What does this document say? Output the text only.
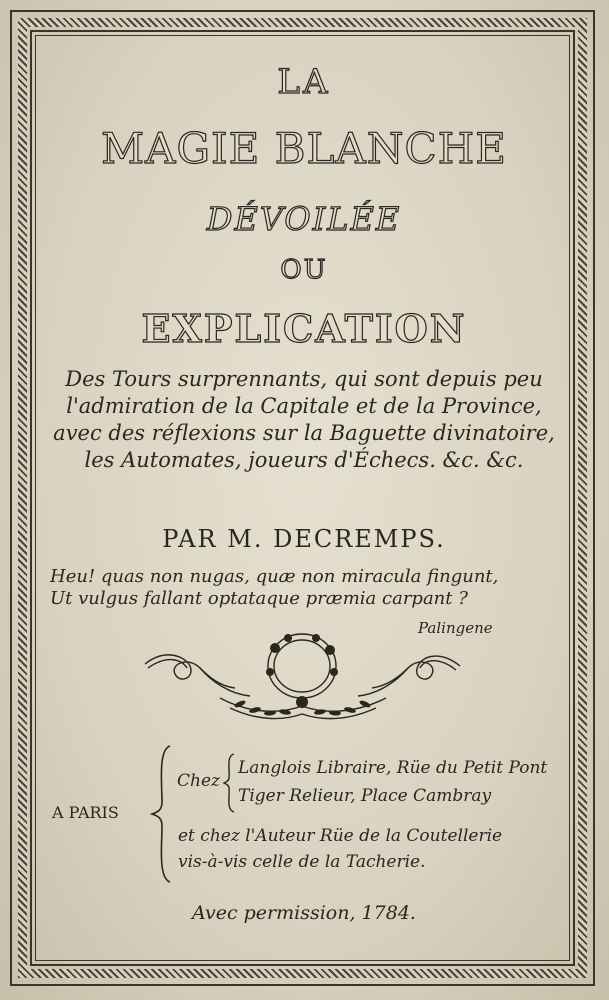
LA
MAGIE BLANCHE
DÉVOILÉE
OU
EXPLICATION
Des Tours surprennants, qui sont depuis peu
l'admiration de la Capitale et de la Province,
avec des réflexions sur la Baguette divinatoire,
les Automates, joueurs d'Échecs. &c. &c.
PAR M. DECREMPS.
Heu! quas non nugas, quæ non miracula fingunt,
Ut vulgus fallant optataque præmia carpant ?
Palingene
A PARIS
Chez
Langlois Libraire, Rüe du Petit Pont
Tiger Relieur, Place Cambray
et chez l'Auteur Rüe de la Coutellerie
vis-à-vis celle de la Tacherie.
Avec permission, 1784.
